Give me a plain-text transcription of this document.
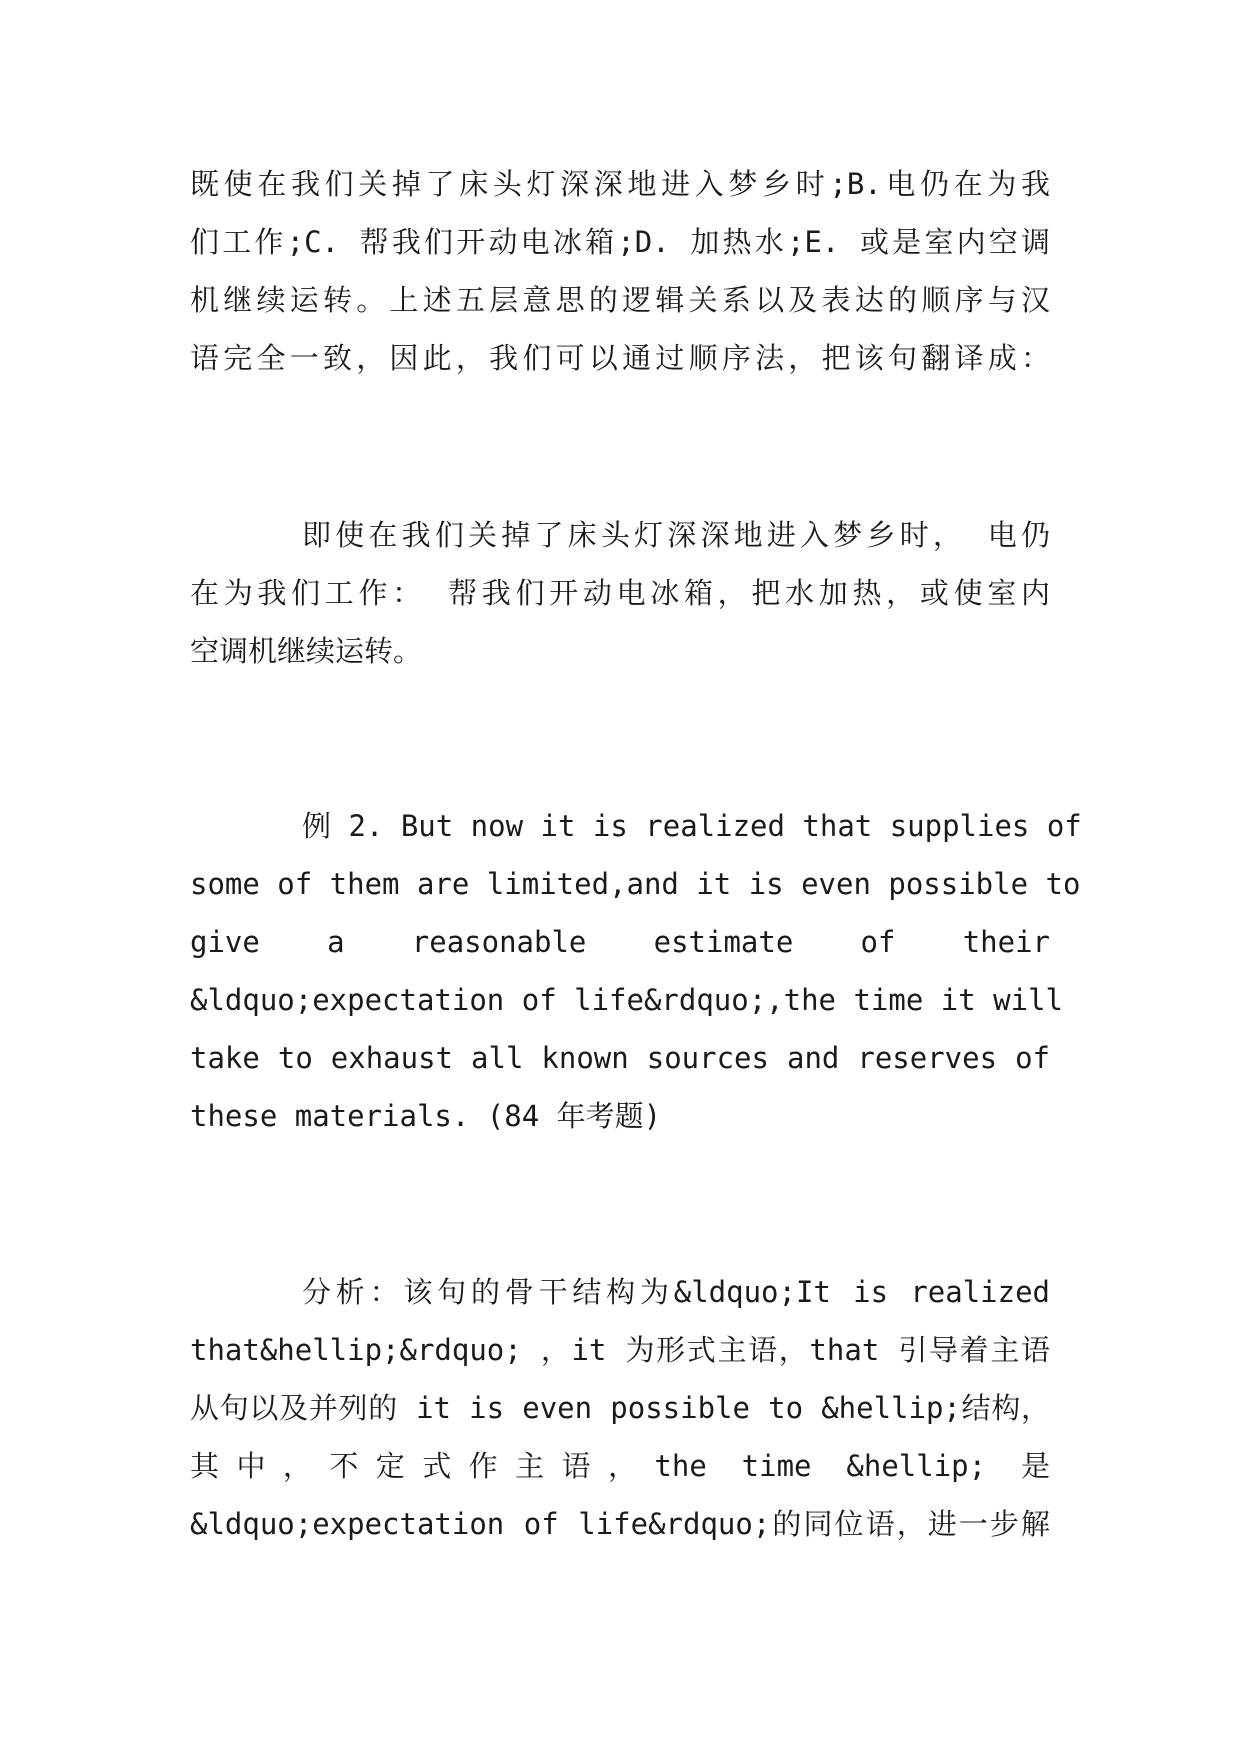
既使在我们关掉了床头灯深深地进入梦乡时;B.电仍在为我
们工作;C. 帮我们开动电冰箱;D. 加热水;E. 或是室内空调
机继续运转。上述五层意思的逻辑关系以及表达的顺序与汉
语完全一致，因此，我们可以通过顺序法，把该句翻译成：
即使在我们关掉了床头灯深深地进入梦乡时， 电仍
在为我们工作： 帮我们开动电冰箱，把水加热，或使室内
空调机继续运转。
例 2. But now it is realized that supplies of
some of them are limited,and it is even possible to
give a reasonable estimate of their
&ldquo;expectation of life&rdquo;,the time it will
take to exhaust all known sources and reserves of
these materials. (84 年考题)
分析：该句的骨干结构为&ldquo;It is realized
that&hellip;&rdquo; ，it 为形式主语，that 引导着主语
从句以及并列的 it is even possible to &hellip;结构，
其中，不定式作主语，the time &hellip; 是
&ldquo;expectation of life&rdquo;的同位语，进一步解
